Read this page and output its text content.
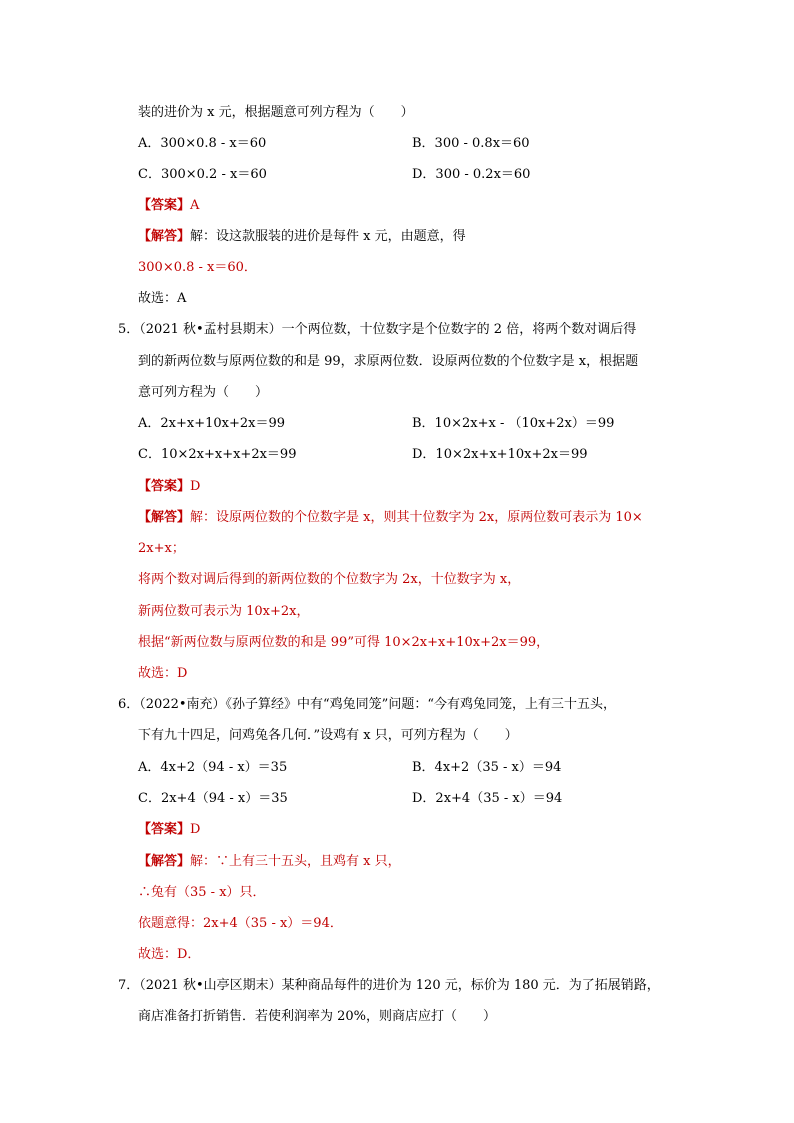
装的进价为 x 元，根据题意可列方程为（　　）
A．300×0.8 - x＝60	B．300 - 0.8x＝60
C．300×0.2 - x＝60	D．300 - 0.2x＝60
【答案】A
【解答】解：设这款服装的进价是每件 x 元，由题意，得
300×0.8 - x＝60．
故选：A
5．（2021 秋•孟村县期末）一个两位数，十位数字是个位数字的 2 倍，将两个数对调后得
到的新两位数与原两位数的和是 99，求原两位数．设原两位数的个位数字是 x，根据题
意可列方程为（　　）
A．2x+x+10x+2x＝99	B．10×2x+x - （10x+2x）＝99
C．10×2x+x+x+2x＝99	D．10×2x+x+10x+2x＝99
【答案】D
【解答】解：设原两位数的个位数字是 x，则其十位数字为 2x，原两位数可表示为 10×
2x+x；
将两个数对调后得到的新两位数的个位数字为 2x，十位数字为 x，
新两位数可表示为 10x+2x，
根据“新两位数与原两位数的和是 99”可得 10×2x+x+10x+2x＝99，
故选：D
6．（2022•南充）《孙子算经》中有“鸡兔同笼”问题：“今有鸡兔同笼，上有三十五头，
下有九十四足，问鸡兔各几何．”设鸡有 x 只，可列方程为（　　）
A．4x+2（94 - x）＝35	B．4x+2（35 - x）＝94
C．2x+4（94 - x）＝35	D．2x+4（35 - x）＝94
【答案】D
【解答】解：∵上有三十五头，且鸡有 x 只，
∴兔有（35 - x）只．
依题意得：2x+4（35 - x）＝94．
故选：D．
7．（2021 秋•山亭区期末）某种商品每件的进价为 120 元，标价为 180 元．为了拓展销路，
商店准备打折销售．若使利润率为 20%，则商店应打（　　）
